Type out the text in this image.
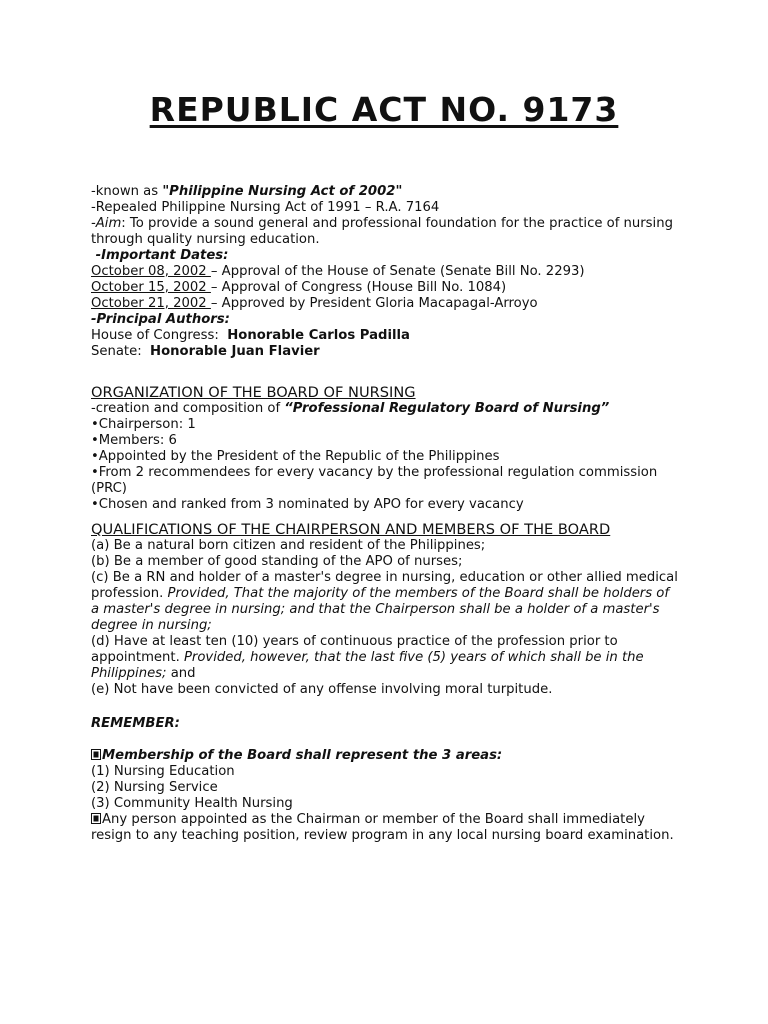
REPUBLIC ACT NO. 9173
-known as "Philippine Nursing Act of 2002"
-Repealed Philippine Nursing Act of 1991 – R.A. 7164
-Aim: To provide a sound general and professional foundation for the practice of nursing through quality nursing education.
-Important Dates:
October 08, 2002 – Approval of the House of Senate (Senate Bill No. 2293)
October 15, 2002 – Approval of Congress (House Bill No. 1084)
October 21, 2002 – Approved by President Gloria Macapagal-Arroyo
-Principal Authors:
House of Congress:  Honorable Carlos Padilla
Senate:  Honorable Juan Flavier
ORGANIZATION OF THE BOARD OF NURSING
-creation and composition of “Professional Regulatory Board of Nursing”
•Chairperson: 1
•Members: 6
•Appointed by the President of the Republic of the Philippines
•From 2 recommendees for every vacancy by the professional regulation commission (PRC)
•Chosen and ranked from 3 nominated by APO for every vacancy
QUALIFICATIONS OF THE CHAIRPERSON AND MEMBERS OF THE BOARD
(a) Be a natural born citizen and resident of the Philippines;
(b) Be a member of good standing of the APO of nurses;
(c) Be a RN and holder of a master's degree in nursing, education or other allied medical profession. Provided, That the majority of the members of the Board shall be holders of a master's degree in nursing; and that the Chairperson shall be a holder of a master's degree in nursing;
(d) Have at least ten (10) years of continuous practice of the profession prior to appointment. Provided, however, that the last five (5) years of which shall be in the Philippines; and
(e) Not have been convicted of any offense involving moral turpitude.
REMEMBER:
Membership of the Board shall represent the 3 areas:
(1) Nursing Education
(2) Nursing Service
(3) Community Health Nursing
Any person appointed as the Chairman or member of the Board shall immediately resign to any teaching position, review program in any local nursing board examination.
